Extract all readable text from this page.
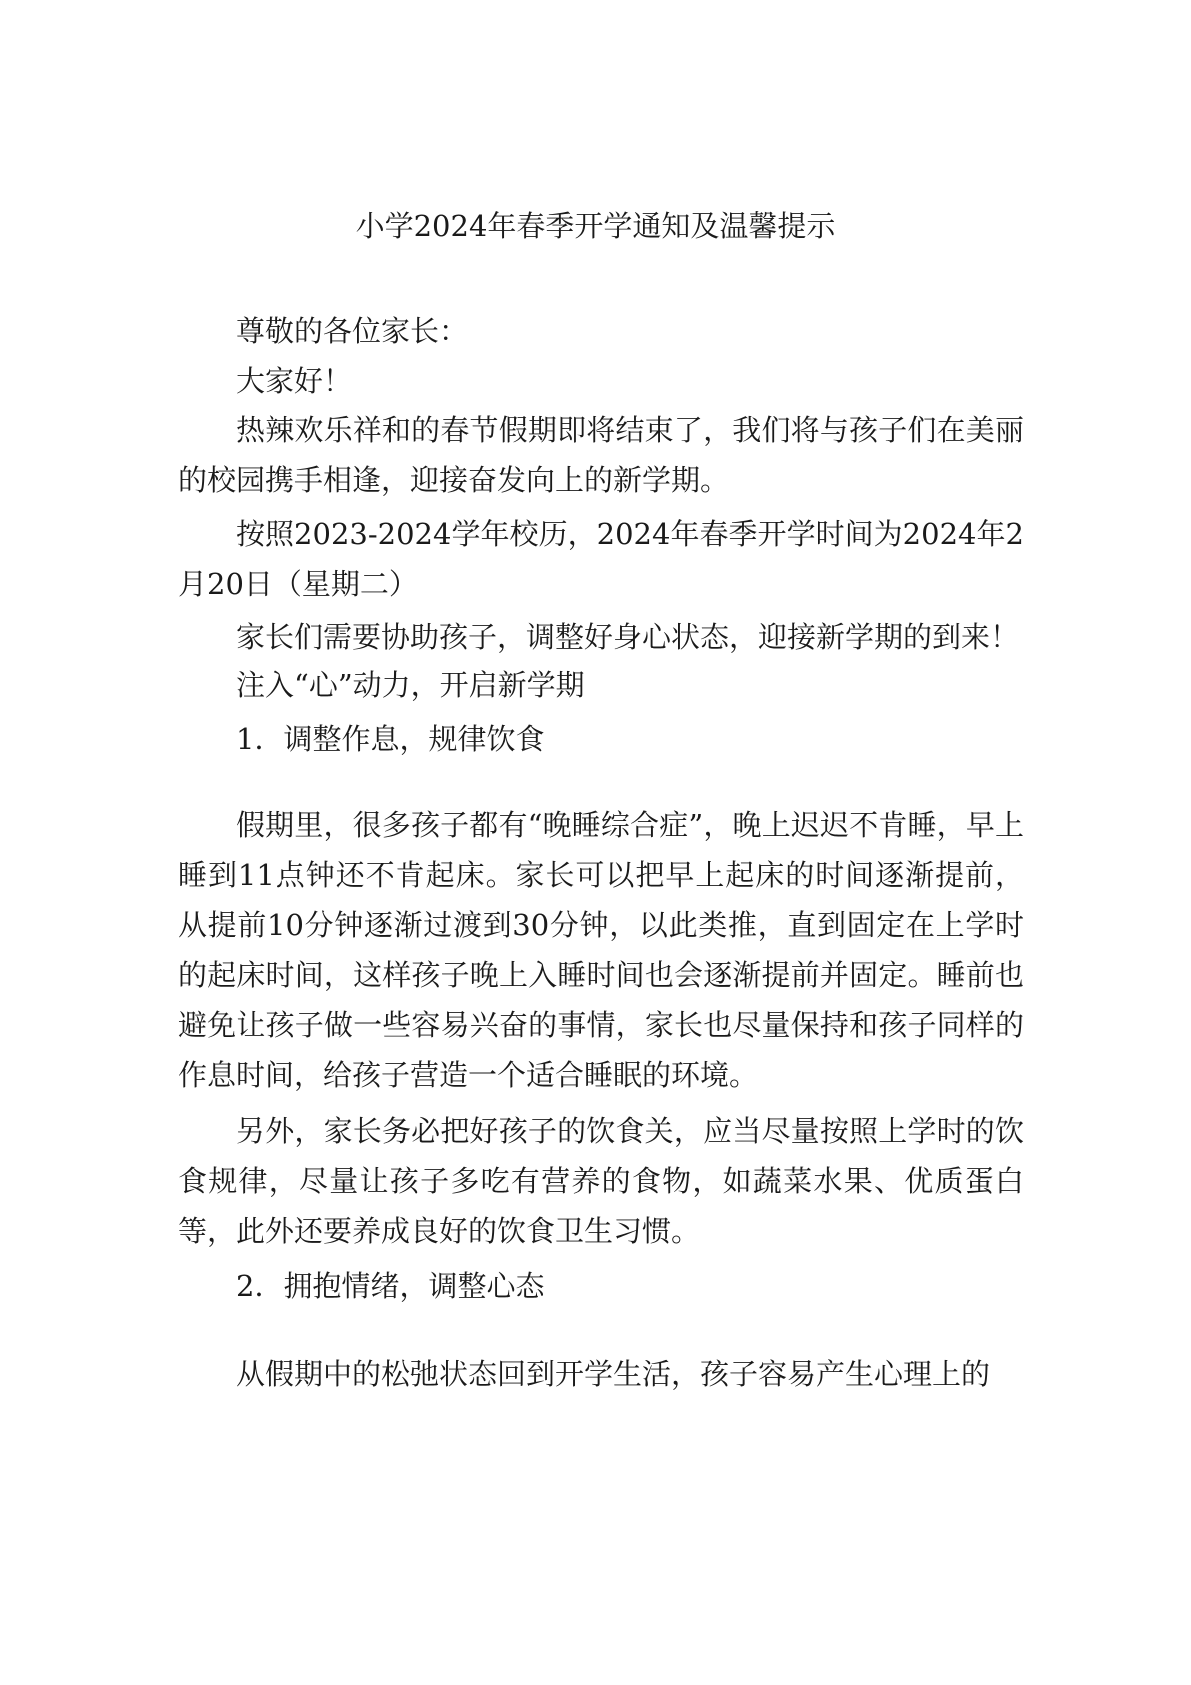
小学2024年春季开学通知及温馨提示

尊敬的各位家长：

大家好！

热辣欢乐祥和的春节假期即将结束了，我们将与孩子们在美丽的校园携手相逢，迎接奋发向上的新学期。

按照2023-2024学年校历，2024年春季开学时间为2024年2月20日（星期二）

家长们需要协助孩子，调整好身心状态，迎接新学期的到来！

注入“心”动力，开启新学期

1．调整作息，规律饮食

假期里，很多孩子都有“晚睡综合症”，晚上迟迟不肯睡，早上睡到11点钟还不肯起床。家长可以把早上起床的时间逐渐提前，从提前10分钟逐渐过渡到30分钟，以此类推，直到固定在上学时的起床时间，这样孩子晚上入睡时间也会逐渐提前并固定。睡前也避免让孩子做一些容易兴奋的事情，家长也尽量保持和孩子同样的作息时间，给孩子营造一个适合睡眠的环境。

另外，家长务必把好孩子的饮食关，应当尽量按照上学时的饮食规律，尽量让孩子多吃有营养的食物，如蔬菜水果、优质蛋白等，此外还要养成良好的饮食卫生习惯。

2．拥抱情绪，调整心态

从假期中的松弛状态回到开学生活，孩子容易产生心理上的
